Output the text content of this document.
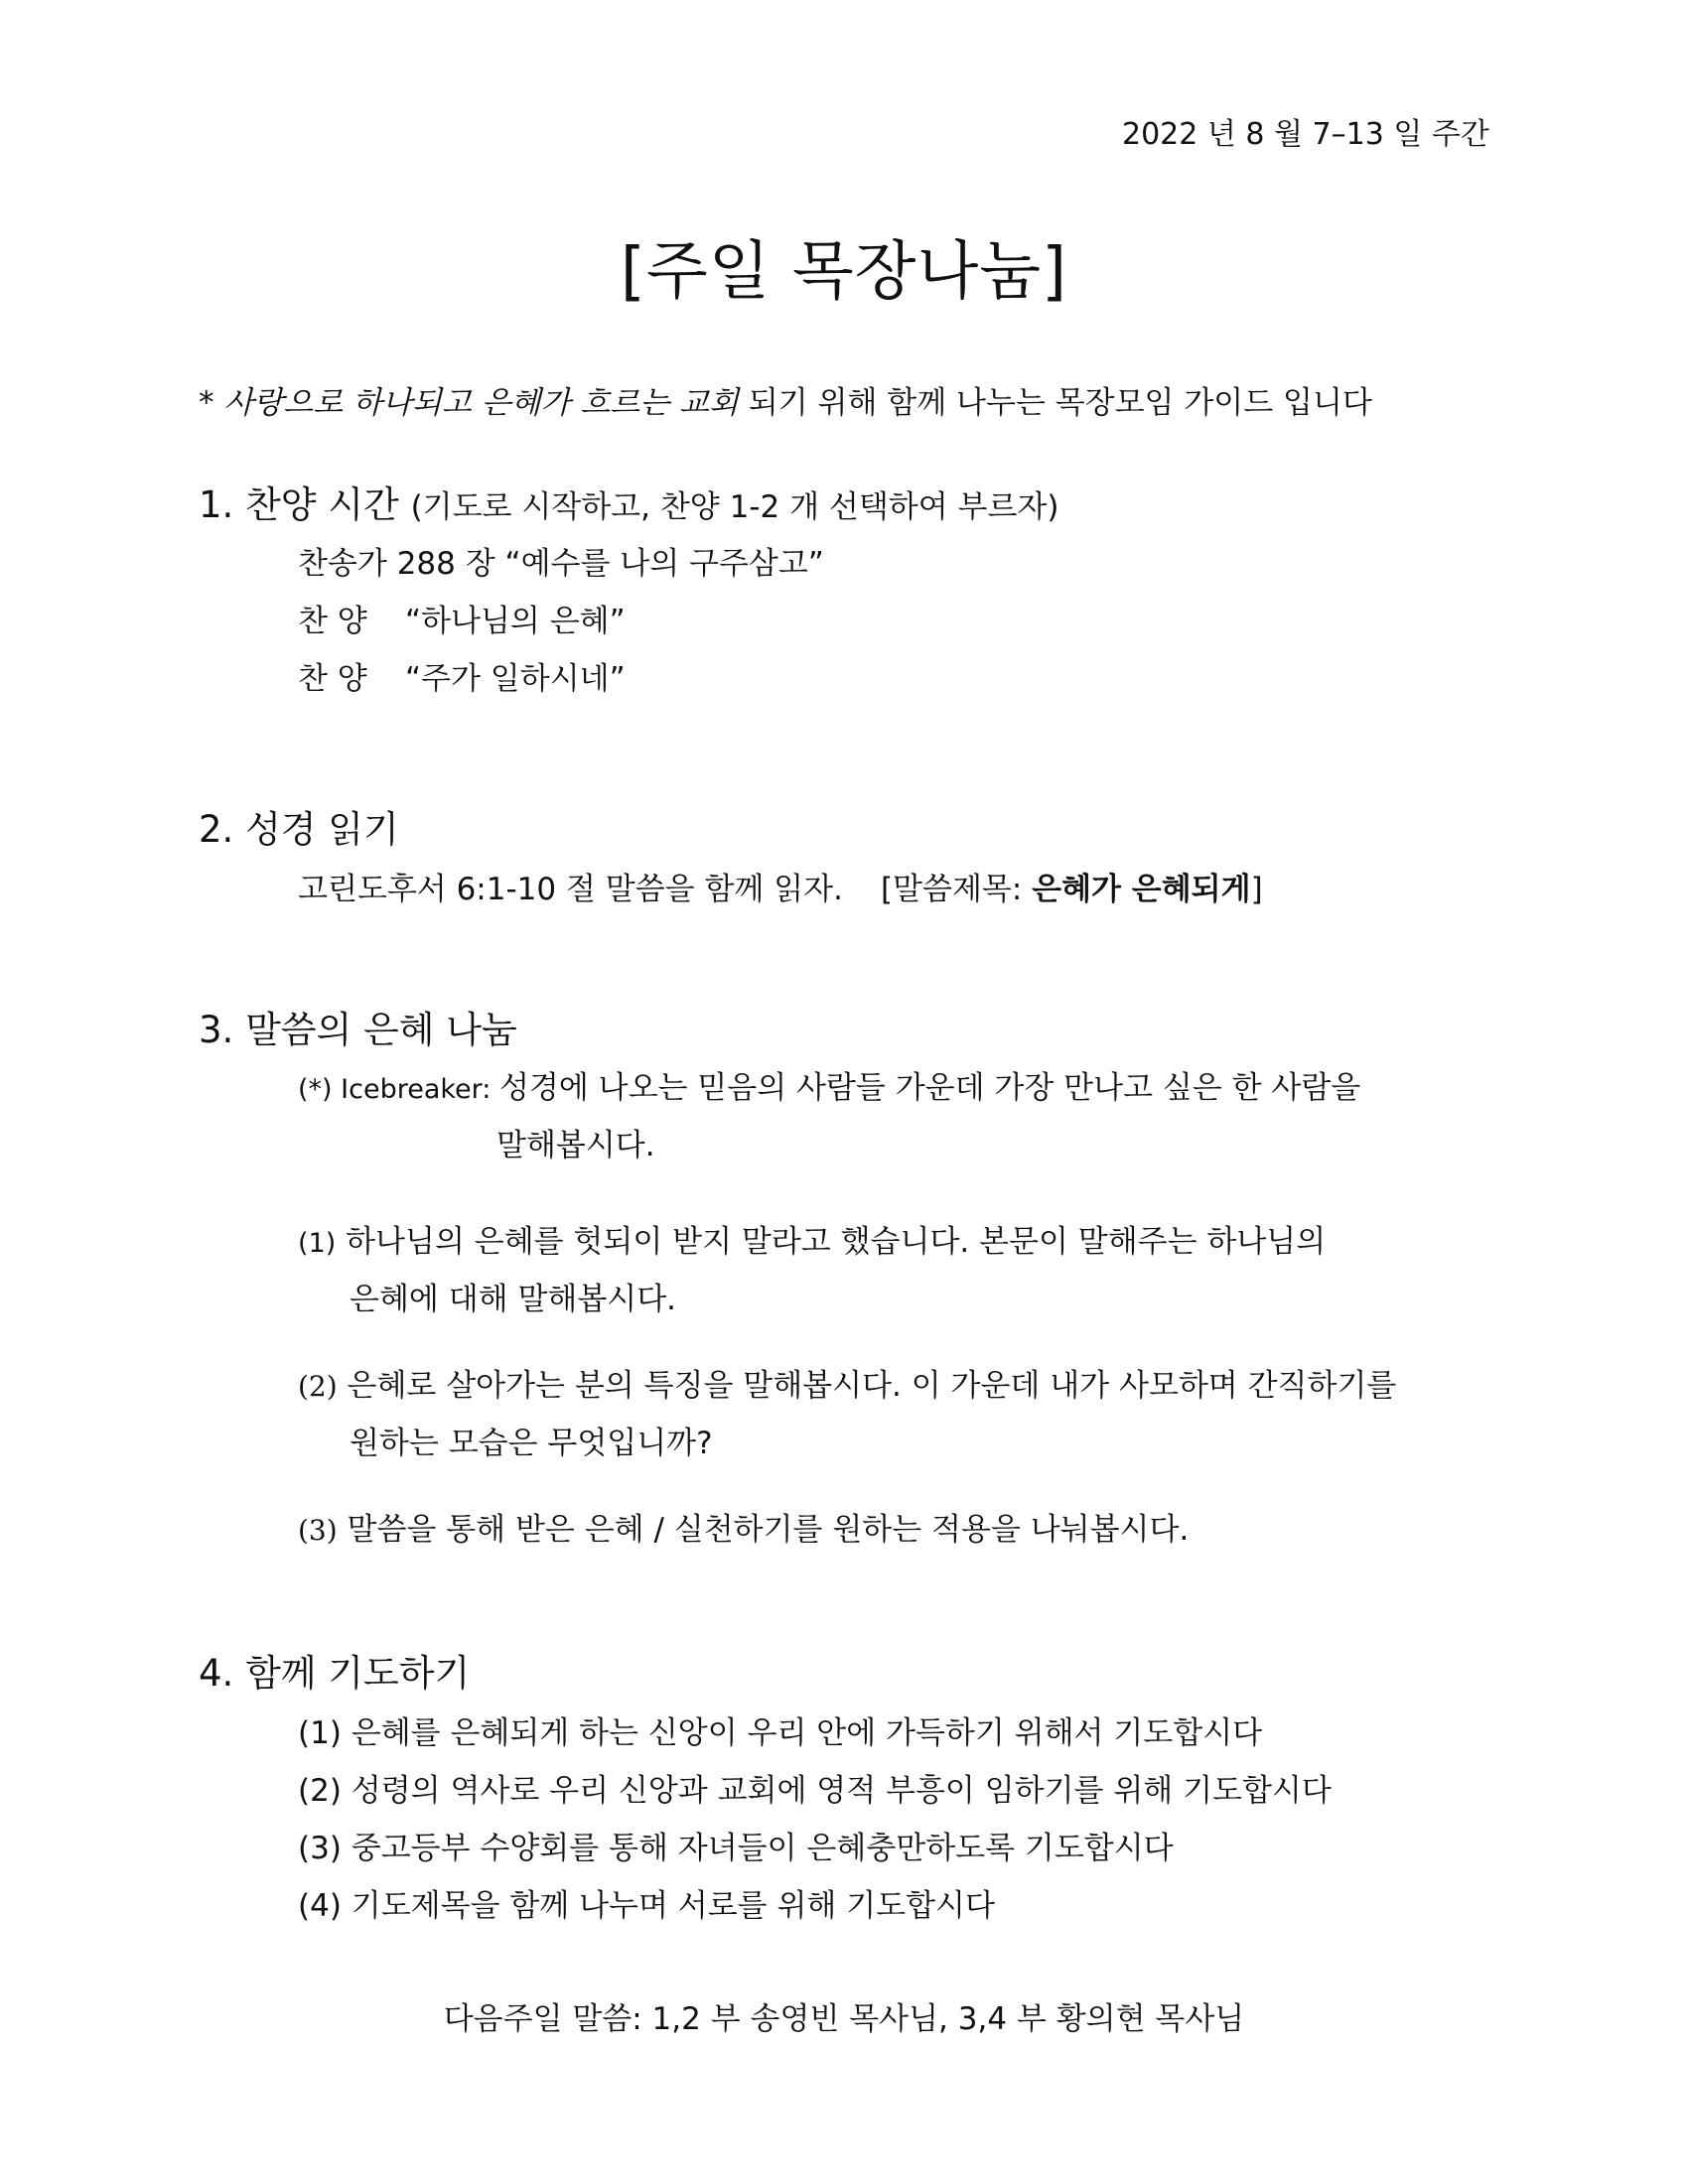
2022 년 8 월 7–13 일 주간
[주일 목장나눔]
* 사랑으로 하나되고 은혜가 흐르는 교회 되기 위해 함께 나누는 목장모임 가이드 입니다
1. 찬양 시간 (기도로 시작하고, 찬양 1-2 개 선택하여 부르자)
찬송가 288 장 “예수를 나의 구주삼고”
찬 양 “하나님의 은혜”
찬 양 “주가 일하시네”
2. 성경 읽기
고린도후서 6:1-10 절 말씀을 함께 읽자. [말씀제목: 은혜가 은혜되게]
3. 말씀의 은혜 나눔
(*) Icebreaker: 성경에 나오는 믿음의 사람들 가운데 가장 만나고 싶은 한 사람을
말해봅시다.
(1) 하나님의 은혜를 헛되이 받지 말라고 했습니다. 본문이 말해주는 하나님의
은혜에 대해 말해봅시다.
(2) 은혜로 살아가는 분의 특징을 말해봅시다. 이 가운데 내가 사모하며 간직하기를
원하는 모습은 무엇입니까?
(3) 말씀을 통해 받은 은혜 / 실천하기를 원하는 적용을 나눠봅시다.
4. 함께 기도하기
(1) 은혜를 은혜되게 하는 신앙이 우리 안에 가득하기 위해서 기도합시다
(2) 성령의 역사로 우리 신앙과 교회에 영적 부흥이 임하기를 위해 기도합시다
(3) 중고등부 수양회를 통해 자녀들이 은혜충만하도록 기도합시다
(4) 기도제목을 함께 나누며 서로를 위해 기도합시다
다음주일 말씀: 1,2 부 송영빈 목사님, 3,4 부 황의현 목사님
